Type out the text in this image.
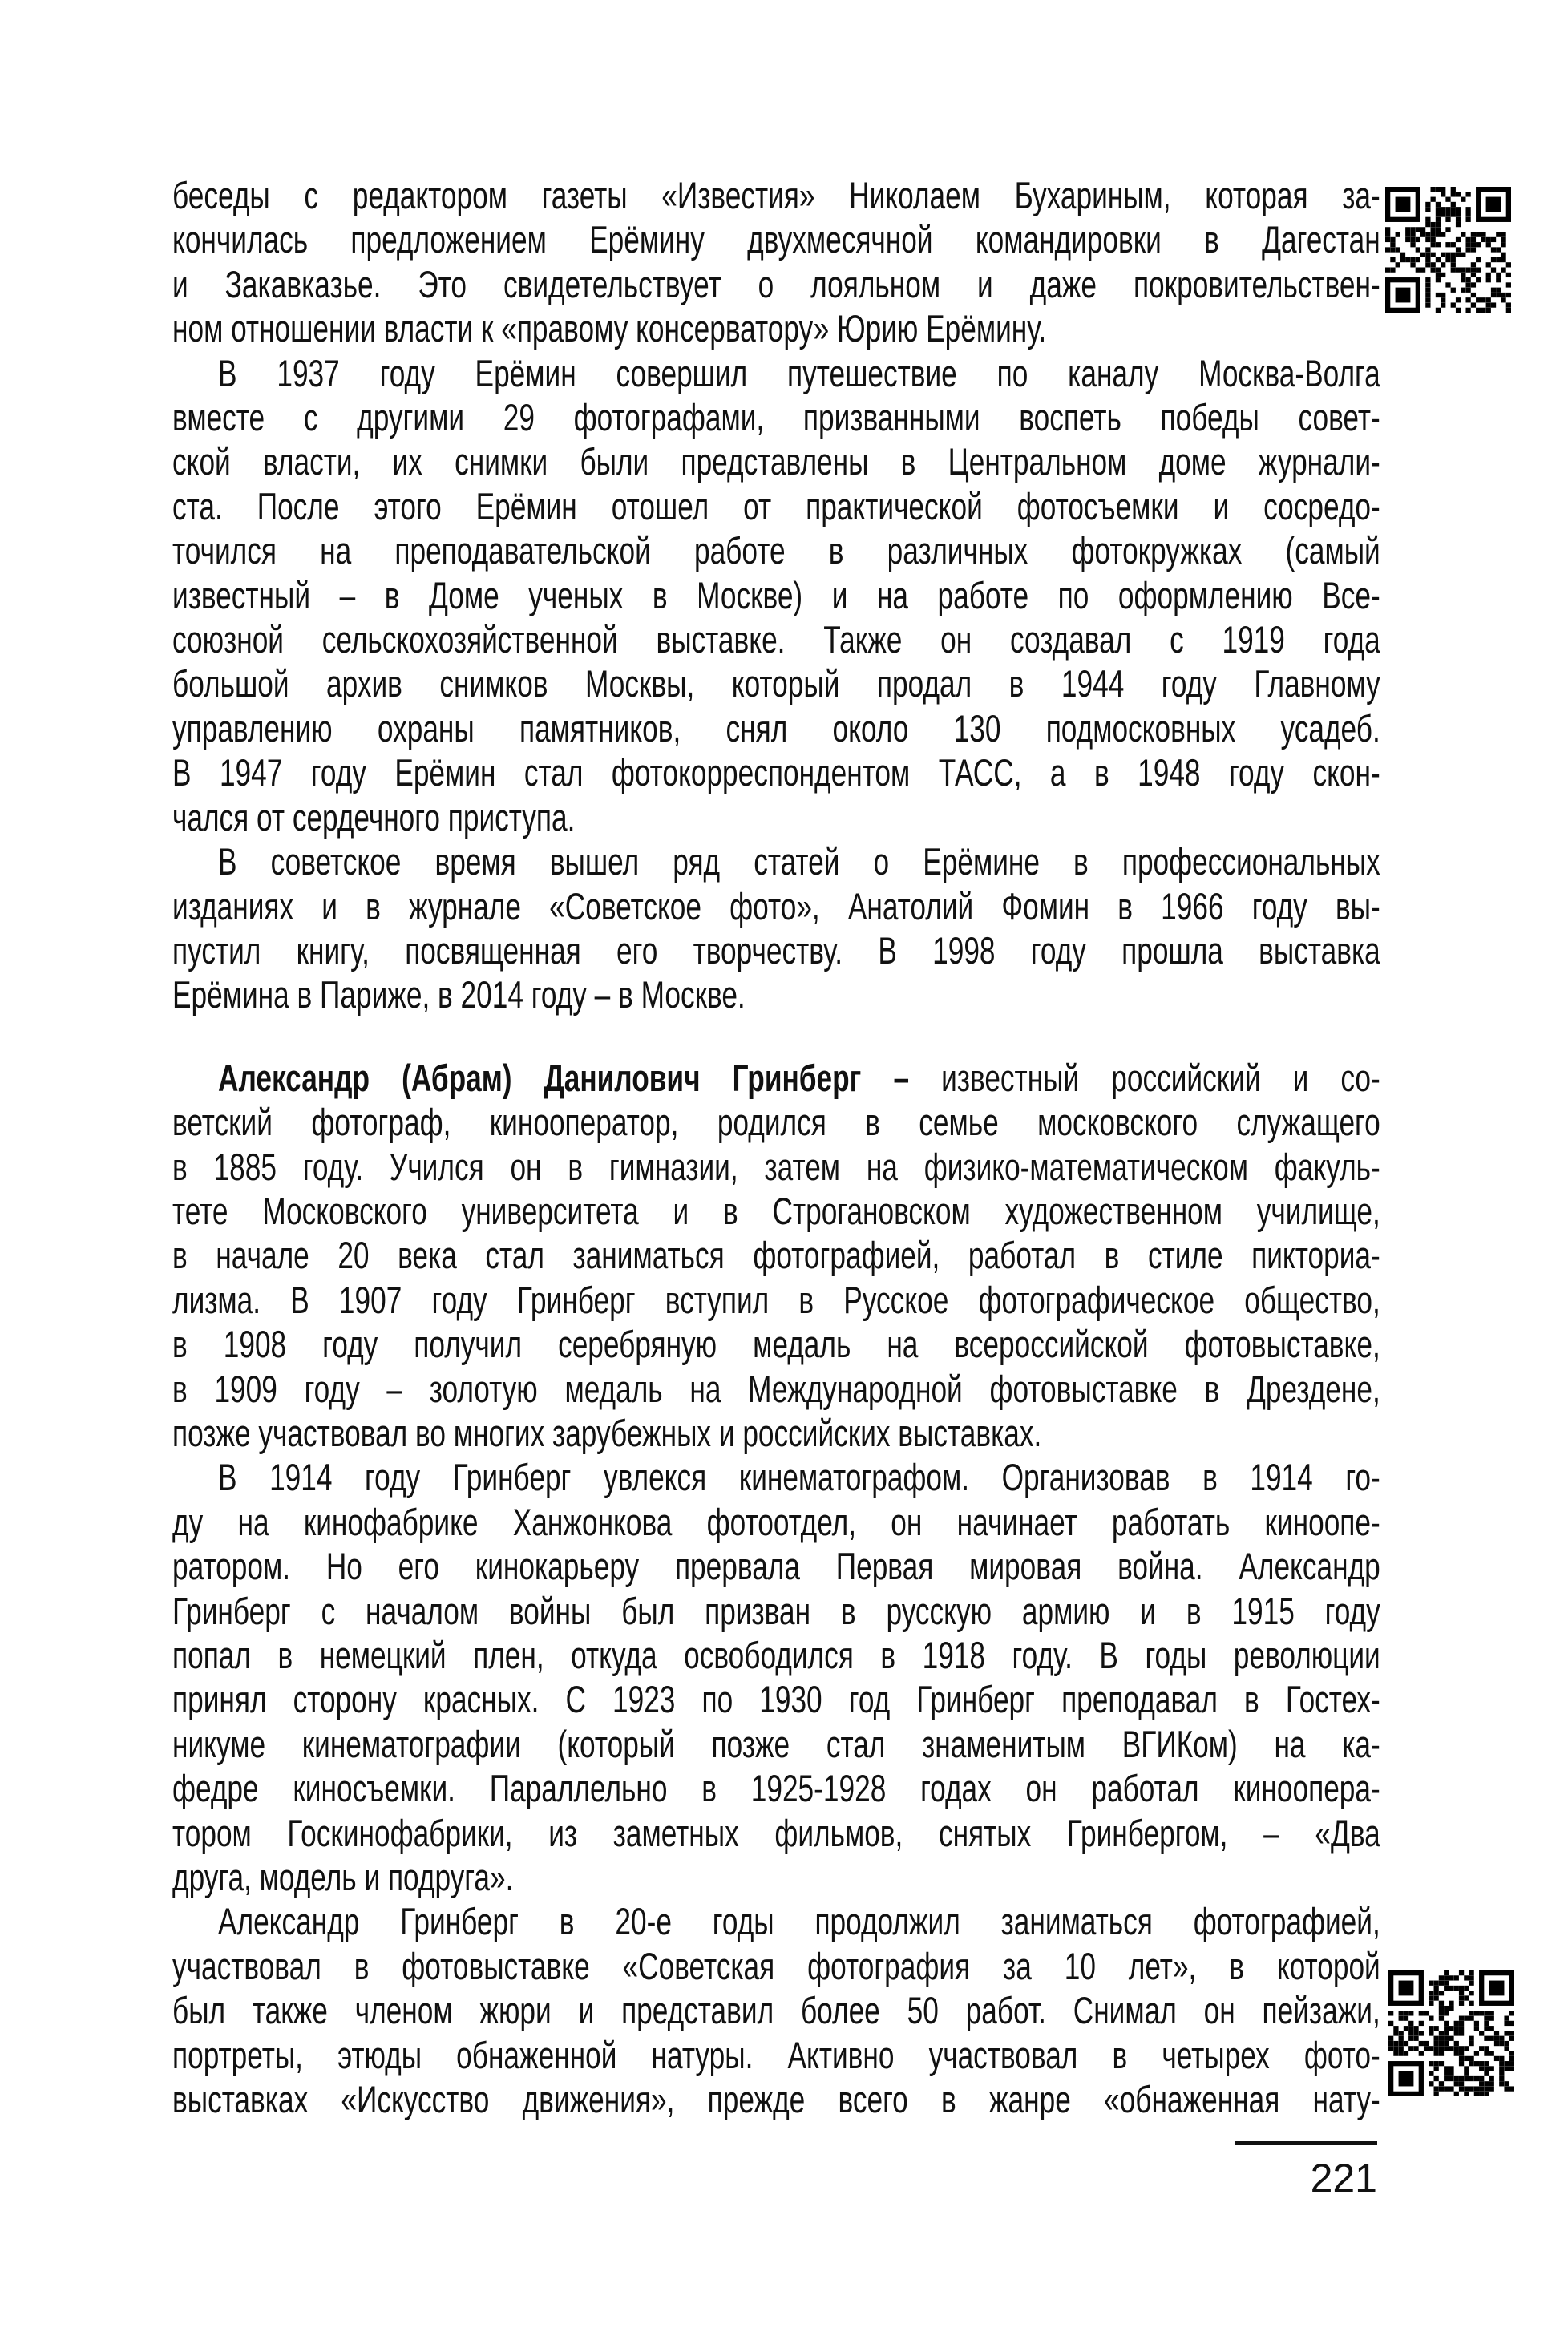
беседы с редактором газеты «Известия» Николаем Бухариным, которая за-
кончилась предложением Ерёмину двухмесячной командировки в Дагестан
и Закавказье. Это свидетельствует о лояльном и даже покровительствен-
ном отношении власти к «правому консерватору» Юрию Ерёмину.
В 1937 году Ерёмин совершил путешествие по каналу Москва-Волга
вместе с другими 29 фотографами, призванными воспеть победы совет-
ской власти, их снимки были представлены в Центральном доме журнали-
ста. После этого Ерёмин отошел от практической фотосъемки и сосредо-
точился на преподавательской работе в различных фотокружках (самый
известный – в Доме ученых в Москве) и на работе по оформлению Все-
союзной сельскохозяйственной выставке. Также он создавал с 1919 года
большой архив снимков Москвы, который продал в 1944 году Главному
управлению охраны памятников, снял около 130 подмосковных усадеб.
В 1947 году Ерёмин стал фотокорреспондентом ТАСС, а в 1948 году скон-
чался от сердечного приступа.
В советское время вышел ряд статей о Ерёмине в профессиональных
изданиях и в журнале «Советское фото», Анатолий Фомин в 1966 году вы-
пустил книгу, посвященная его творчеству. В 1998 году прошла выставка
Ерёмина в Париже, в 2014 году – в Москве.
Александр (Абрам) Данилович Гринберг – известный российский и со-
ветский фотограф, кинооператор, родился в семье московского служащего
в 1885 году. Учился он в гимназии, затем на физико-математическом факуль-
тете Московского университета и в Строгановском художественном училище,
в начале 20 века стал заниматься фотографией, работал в стиле пикториа-
лизма. В 1907 году Гринберг вступил в Русское фотографическое общество,
в 1908 году получил серебряную медаль на всероссийской фотовыставке,
в 1909 году – золотую медаль на Международной фотовыставке в Дрездене,
позже участвовал во многих зарубежных и российских выставках.
В 1914 году Гринберг увлекся кинематографом. Организовав в 1914 го-
ду на кинофабрике Ханжонкова фотоотдел, он начинает работать киноопе-
ратором. Но его кинокарьеру прервала Первая мировая война. Александр
Гринберг с началом войны был призван в русскую армию и в 1915 году
попал в немецкий плен, откуда освободился в 1918 году. В годы революции
принял сторону красных. С 1923 по 1930 год Гринберг преподавал в Гостех-
никуме кинематографии (который позже стал знаменитым ВГИКом) на ка-
федре киносъемки. Параллельно в 1925-1928 годах он работал киноопера-
тором Госкинофабрики, из заметных фильмов, снятых Гринбергом, – «Два
друга, модель и подруга».
Александр Гринберг в 20-е годы продолжил заниматься фотографией,
участвовал в фотовыставке «Советская фотография за 10 лет», в которой
был также членом жюри и представил более 50 работ. Снимал он пейзажи,
портреты, этюды обнаженной натуры. Активно участвовал в четырех фото-
выставках «Искусство движения», прежде всего в жанре «обнаженная нату-
221
